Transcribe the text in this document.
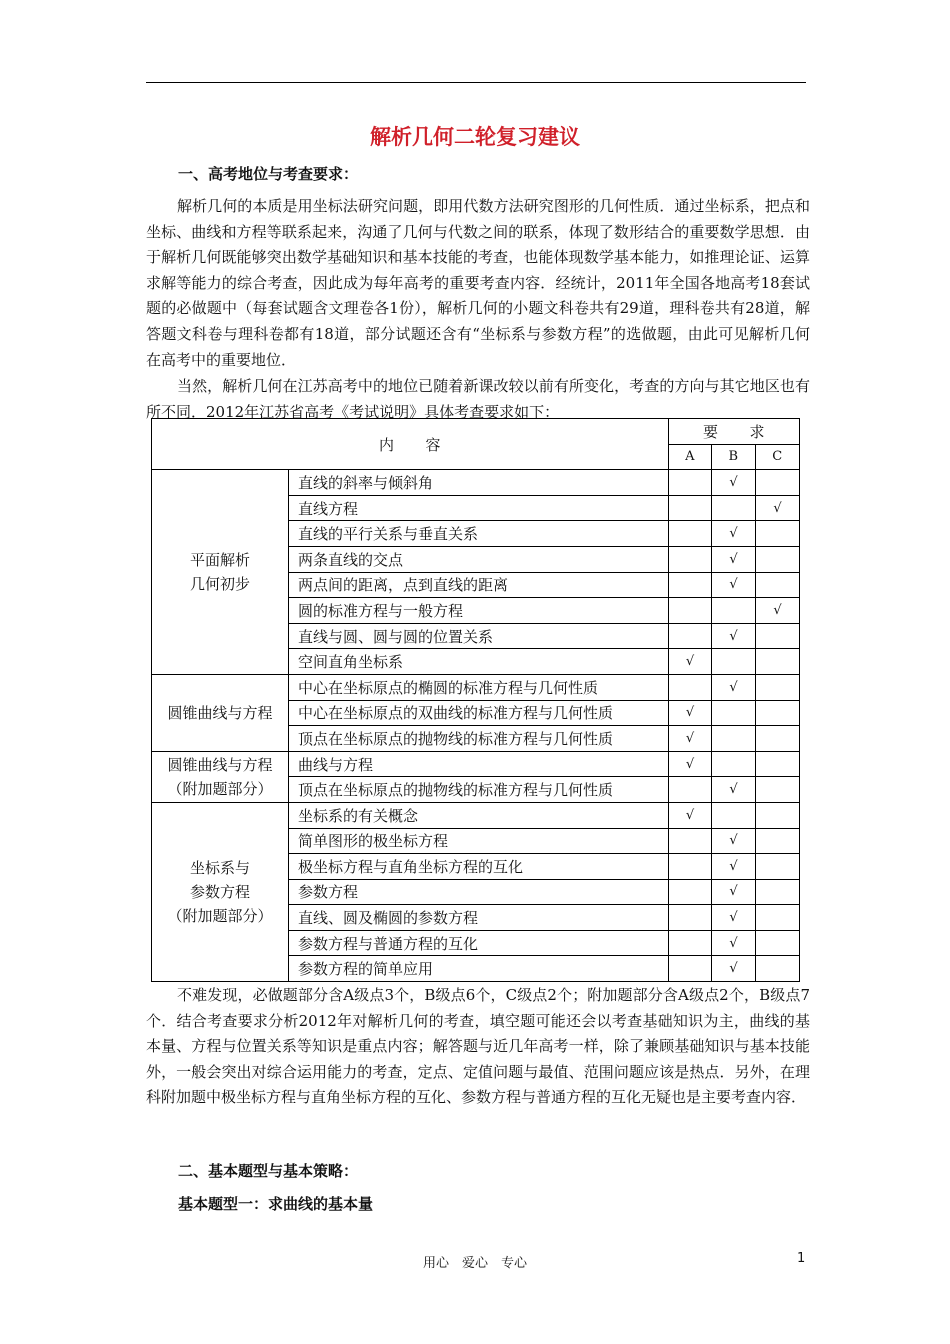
解析几何二轮复习建议
一、高考地位与考查要求：

解析几何的本质是用坐标法研究问题，即用代数方法研究图形的几何性质．通过坐标系，把点和坐标、曲线和方程等联系起来，沟通了几何与代数之间的联系，体现了数形结合的重要数学思想．由于解析几何既能够突出数学基础知识和基本技能的考查，也能体现数学基本能力，如推理论证、运算求解等能力的综合考查，因此成为每年高考的重要考查内容．经统计，2011年全国各地高考18套试题的必做题中（每套试题含文理卷各1份），解析几何的小题文科卷共有29道，理科卷共有28道，解答题文科卷与理科卷都有18道，部分试题还含有“坐标系与参数方程”的选做题，由此可见解析几何在高考中的重要地位．

当然，解析几何在江苏高考中的地位已随着新课改较以前有所变化，考查的方向与其它地区也有所不同．2012年江苏省高考《考试说明》具体考查要求如下：

内　　容		要　　求		
		A	B	C
平面解析
几何初步	直线的斜率与倾斜角		√	
	直线方程			√
	直线的平行关系与垂直关系		√	
	两条直线的交点		√	
	两点间的距离，点到直线的距离		√	
	圆的标准方程与一般方程			√
	直线与圆、圆与圆的位置关系		√	
	空间直角坐标系	√		
圆锥曲线与方程	中心在坐标原点的椭圆的标准方程与几何性质		√	
	中心在坐标原点的双曲线的标准方程与几何性质	√		
	顶点在坐标原点的抛物线的标准方程与几何性质	√		
圆锥曲线与方程
（附加题部分）	曲线与方程	√		
	顶点在坐标原点的抛物线的标准方程与几何性质		√	
坐标系与
参数方程
（附加题部分）	坐标系的有关概念	√		
	简单图形的极坐标方程		√	
	极坐标方程与直角坐标方程的互化		√	
	参数方程		√	
	直线、圆及椭圆的参数方程		√	
	参数方程与普通方程的互化		√	
	参数方程的简单应用		√	

不难发现，必做题部分含A级点3个，B级点6个，C级点2个；附加题部分含A级点2个，B级点7个．结合考查要求分析2012年对解析几何的考查，填空题可能还会以考查基础知识为主，曲线的基本量、方程与位置关系等知识是重点内容；解答题与近几年高考一样，除了兼顾基础知识与基本技能外，一般会突出对综合运用能力的考查，定点、定值问题与最值、范围问题应该是热点．另外，在理科附加题中极坐标方程与直角坐标方程的互化、参数方程与普通方程的互化无疑也是主要考查内容．

二、基本题型与基本策略：
基本题型一：求曲线的基本量
用心　爱心　专心	1
